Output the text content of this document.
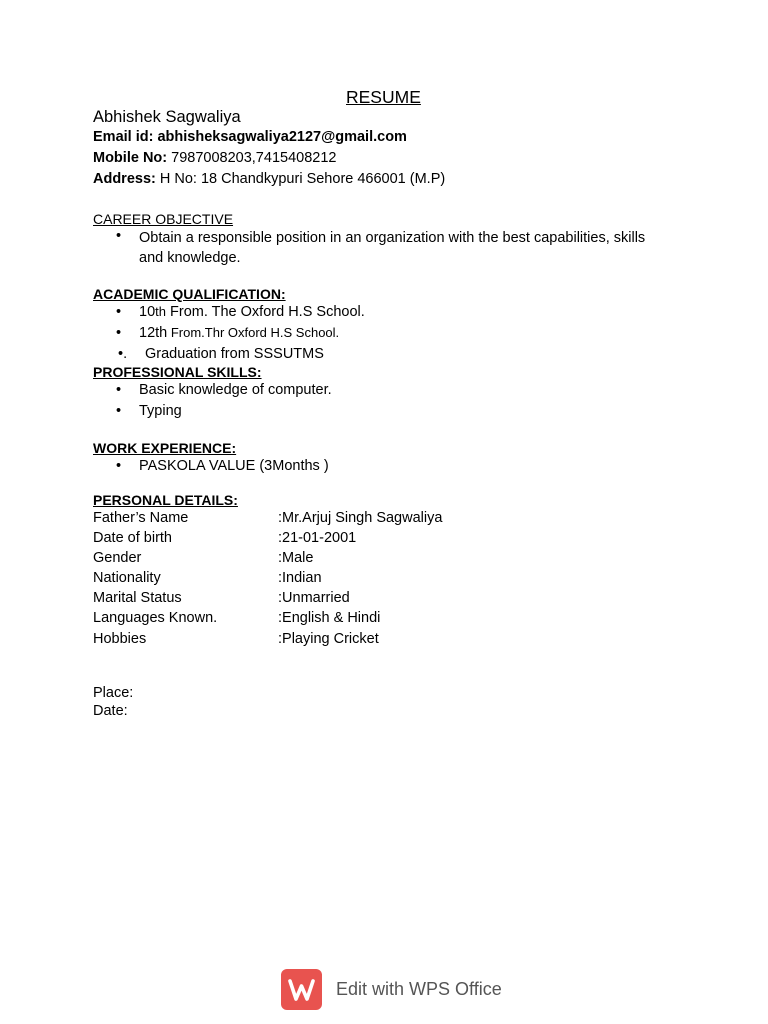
RESUME

Abhishek Sagwaliya

Email id: abhisheksagwaliya2127@gmail.com

Mobile No: 7987008203,7415408212

Address: H No: 18 Chandkypuri Sehore 466001 (M.P)

CAREER OBJECTIVE

•	Obtain a responsible position in an organization with the best capabilities, skills and knowledge.

ACADEMIC QUALIFICATION:

• 10th From. The Oxford H.S School.

• 12th From.Thr Oxford H.S School.

•. Graduation from SSSUTMS

PROFESSIONAL SKILLS:

• Basic knowledge of computer.

• Typing

WORK EXPERIENCE:

• PASKOLA VALUE (3Months )

PERSONAL DETAILS:

Father’s Name	:Mr.Arjuj Singh Sagwaliya

Date of birth	:21-01-2001

Gender	:Male

Nationality	:Indian

Marital Status	:Unmarried

Languages Known.	:English & Hindi

Hobbies	:Playing Cricket

Place:

Date:

Edit with WPS Office
